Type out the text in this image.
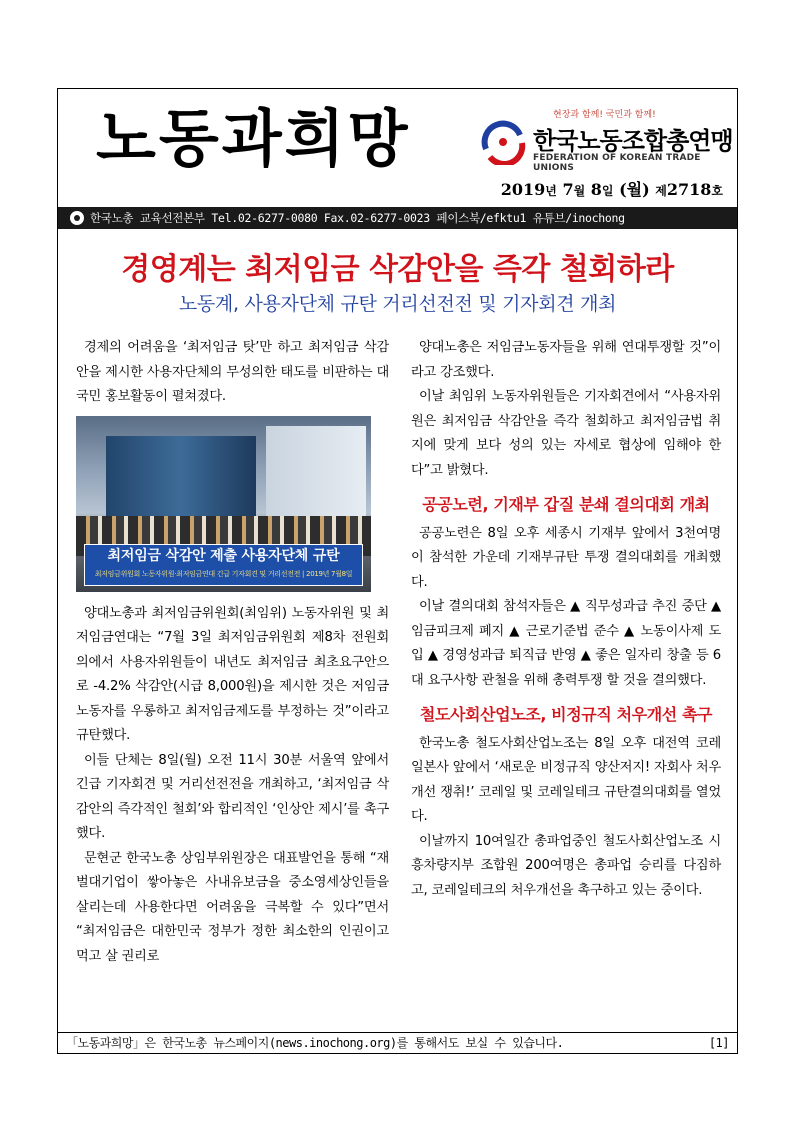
노동과희망	현장과 함께! 국민과 함께!
한국노동조합총연맹
FEDERATION OF KOREAN TRADE UNIONS
2019년 7월 8일 (월) 제2718호
한국노총 교육선전본부 Tel.02-6277-0080 Fax.02-6277-0023 페이스북/efktu1 유튜브/inochong
경영계는 최저임금 삭감안을 즉각 철회하라
노동계, 사용자단체 규탄 거리선전전 및 기자회견 개최

경제의 어려움을 ‘최저임금 탓’만 하고 최저임금 삭감안을 제시한 사용자단체의 무성의한 태도를 비판하는 대국민 홍보활동이 펼쳐졌다.

최저임금 삭감안 제출 사용자단체 규탄
최저임금위원회 노동자위원·최저임금연대 긴급 기자회견 및 거리선전전 | 2019년 7월8일

양대노총과 최저임금위원회(최임위) 노동자위원 및 최저임금연대는 “7월 3일 최저임금위원회 제8차 전원회의에서 사용자위원들이 내년도 최저임금 최초요구안으로 -4.2% 삭감안(시급 8,000원)을 제시한 것은 저임금노동자를 우롱하고 최저임금제도를 부정하는 것”이라고 규탄했다.

이들 단체는 8일(월) 오전 11시 30분 서울역 앞에서 긴급 기자회견 및 거리선전전을 개최하고, ‘최저임금 삭감안의 즉각적인 철회’와 합리적인 ‘인상안 제시’를 촉구했다.

문현군 한국노총 상임부위원장은 대표발언을 통해 “재벌대기업이 쌓아놓은 사내유보금을 중소영세상인들을 살리는데 사용한다면 어려움을 극복할 수 있다”면서 “최저임금은 대한민국 정부가 정한 최소한의 인권이고 먹고 살 권리로

양대노총은 저임금노동자들을 위해 연대투쟁할 것”이라고 강조했다.

이날 최임위 노동자위원들은 기자회견에서 “사용자위원은 최저임금 삭감안을 즉각 철회하고 최저임금법 취지에 맞게 보다 성의 있는 자세로 협상에 임해야 한다”고 밝혔다.

공공노련, 기재부 갑질 분쇄 결의대회 개최

공공노련은 8일 오후 세종시 기재부 앞에서 3천여명이 참석한 가운데 기재부규탄 투쟁 결의대회를 개최했다.

이날 결의대회 참석자들은 ▲ 직무성과급 추진 중단 ▲ 임금피크제 폐지 ▲ 근로기준법 준수 ▲ 노동이사제 도입 ▲ 경영성과급 퇴직급 반영 ▲ 좋은 일자리 창출 등 6대 요구사항 관철을 위해 총력투쟁 할 것을 결의했다.

철도사회산업노조, 비정규직 처우개선 촉구

한국노총 철도사회산업노조는 8일 오후 대전역 코레일본사 앞에서 ‘새로운 비정규직 양산저지! 자회사 처우개선 쟁취!’ 코레일 및 코레일테크 규탄결의대회를 열었다.

이날까지 10여일간 총파업중인 철도사회산업노조 시흥차량지부 조합원 200여명은 총파업 승리를 다짐하고, 코레일테크의 처우개선을 촉구하고 있는 중이다.

「노동과희망」은 한국노총 뉴스페이지(news.inochong.org)를 통해서도 보실 수 있습니다.	[1]
